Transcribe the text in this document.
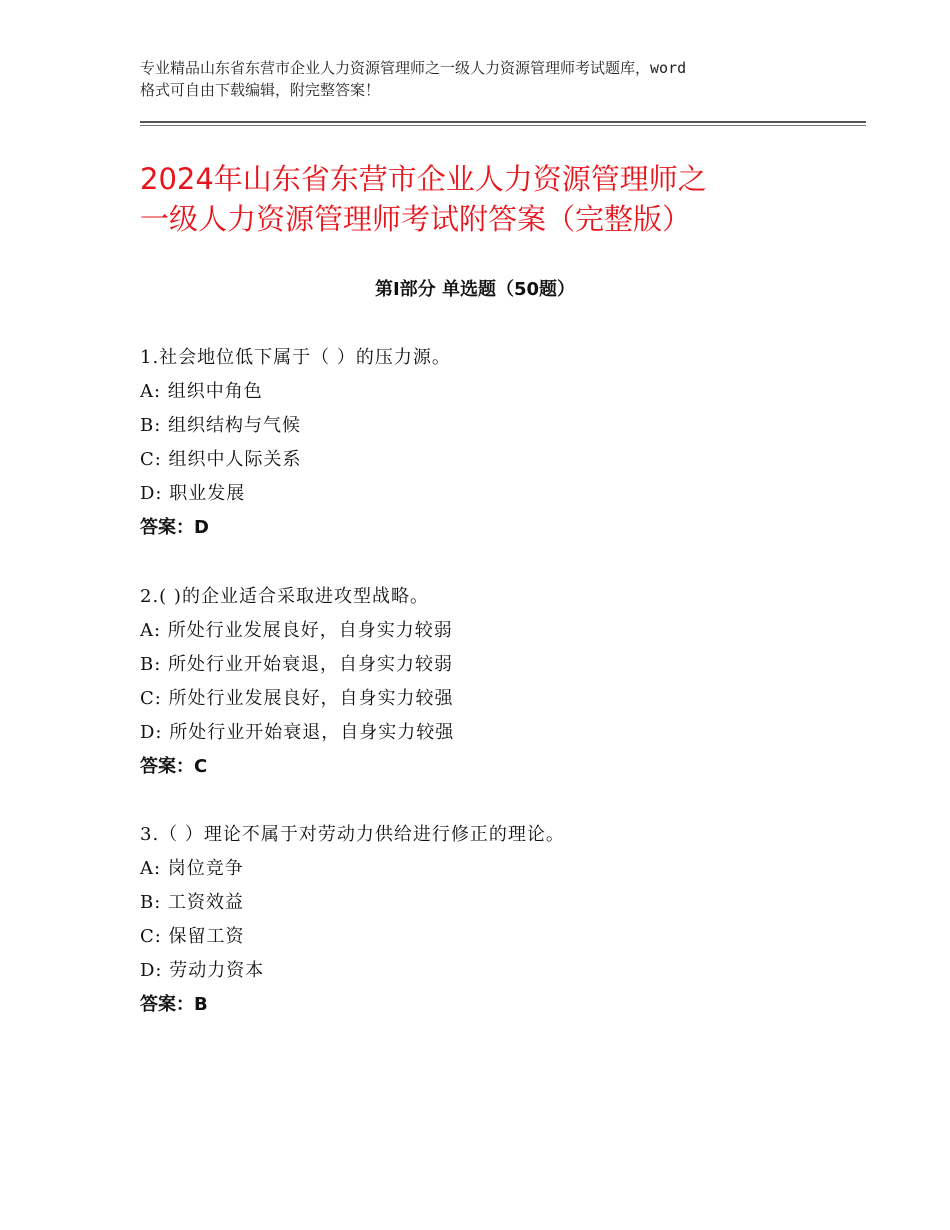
专业精品山东省东营市企业人力资源管理师之一级人力资源管理师考试题库，word
格式可自由下载编辑，附完整答案！
2024年山东省东营市企业人力资源管理师之
一级人力资源管理师考试附答案（完整版）
第Ⅰ部分 单选题（50题）
1.社会地位低下属于（ ）的压力源。
A: 组织中角色
B: 组织结构与气候
C: 组织中人际关系
D: 职业发展
答案：D
2.( )的企业适合采取进攻型战略。
A: 所处行业发展良好，自身实力较弱
B: 所处行业开始衰退，自身实力较弱
C: 所处行业发展良好，自身实力较强
D: 所处行业开始衰退，自身实力较强
答案：C
3.（ ）理论不属于对劳动力供给进行修正的理论。
A: 岗位竞争
B: 工资效益
C: 保留工资
D: 劳动力资本
答案：B
